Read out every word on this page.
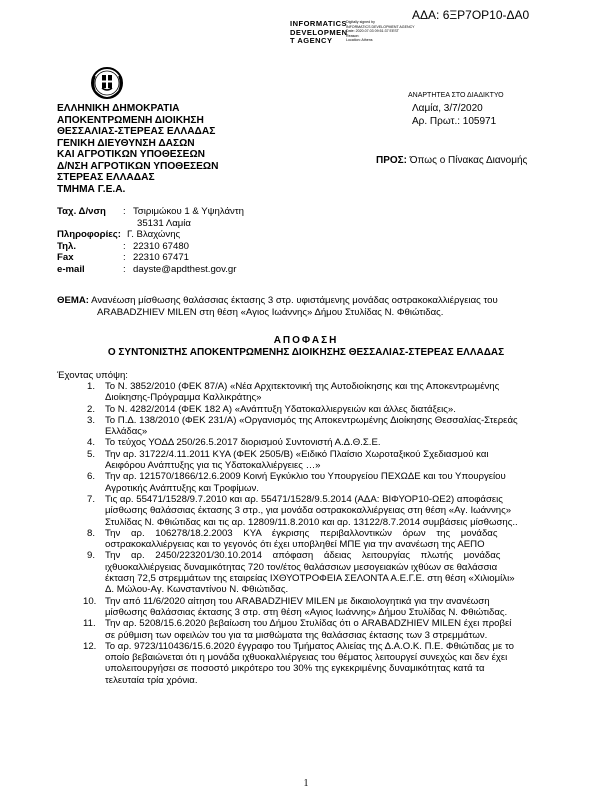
ΑΔΑ: 6ΞΡ7ΟΡ10-ΔΑ0
INFORMATICS
DEVELOPMEN
T AGENCY
Digitally signed by
INFORMATICS DEVELOPMENT AGENCY
Date: 2020.07.03 09:51:37 EEST
Reason:
Location: Athens
ΕΛΛΗΝΙΚΗ ΔΗΜΟΚΡΑΤΙΑ
ΑΠΟΚΕΝΤΡΩΜΕΝΗ ΔΙΟΙΚΗΣΗ
ΘΕΣΣΑΛΙΑΣ-ΣΤΕΡΕΑΣ ΕΛΛΑΔΑΣ
ΓΕΝΙΚΗ ΔΙΕΥΘΥΝΣΗ ΔΑΣΩΝ
ΚΑΙ ΑΓΡΟΤΙΚΩΝ ΥΠΟΘΕΣΕΩΝ
Δ/ΝΣΗ ΑΓΡΟΤΙΚΩΝ ΥΠΟΘΕΣΕΩΝ
ΣΤΕΡΕΑΣ ΕΛΛΑΔΑΣ
ΤΜΗΜΑ Γ.Ε.Α.
ΑΝΑΡΤΗΤΕΑ ΣΤΟ ΔΙΑΔΙΚΤΥΟ
Λαμία, 3/7/2020
Αρ. Πρωτ.: 105971
ΠΡΟΣ: Όπως ο Πίνακας Διανομής
Ταχ. Δ/νση : Τσιριμώκου 1 & Υψηλάντη
35131 Λαμία
Πληροφορίες: Γ. Βλαχώνης
Τηλ.	: 22310 67480
Fax	: 22310 67471
e-mail	: dayste@apdthest.gov.gr
ΘΕΜΑ: Ανανέωση μίσθωσης θαλάσσιας έκτασης 3 στρ. υφιστάμενης μονάδας οστρακοκαλλιέργειας του
ARABADZHIEV MILEN στη θέση «Αγιος Ιωάννης» Δήμου Στυλίδας Ν. Φθιώτιδας.
ΑΠΟΦΑΣΗ
Ο ΣΥΝΤΟΝΙΣΤΗΣ ΑΠΟΚΕΝΤΡΩΜΕΝΗΣ ΔΙΟΙΚΗΣΗΣ ΘΕΣΣΑΛΙΑΣ-ΣΤΕΡΕΑΣ ΕΛΛΑΔΑΣ
Έχοντας υπόψη:
1. Το Ν. 3852/2010 (ΦΕΚ 87/Α) «Νέα Αρχιτεκτονική της Αυτοδιοίκησης και της Αποκεντρωμένης
Διοίκησης-Πρόγραμμα Καλλικράτης»
2. Το Ν. 4282/2014 (ΦΕΚ 182 Α) «Ανάπτυξη Υδατοκαλλιεργειών και άλλες διατάξεις».
3. Το Π.Δ. 138/2010 (ΦΕΚ 231/Α) «Οργανισμός της Αποκεντρωμένης Διοίκησης Θεσσαλίας-Στερεάς
Ελλάδας»
4. Το τεύχος ΥΟΔΔ 250/26.5.2017 διορισμού Συντονιστή Α.Δ.Θ.Σ.Ε.
5. Την αρ. 31722/4.11.2011 ΚΥΑ (ΦΕΚ 2505/Β) «Ειδικό Πλαίσιο Χωροταξικού Σχεδιασμού και
Αειφόρου Ανάπτυξης για τις Υδατοκαλλιέργειες …»
6. Την αρ. 121570/1866/12.6.2009 Κοινή Εγκύκλιο του Υπουργείου ΠΕΧΩΔΕ και του Υπουργείου
Αγροτικής Ανάπτυξης και Τροφίμων.
7. Τις αρ. 55471/1528/9.7.2010 και αρ. 55471/1528/9.5.2014 (ΑΔΑ: ΒΙΦΥΟΡ10-ΩΕ2) αποφάσεις
μίσθωσης θαλάσσιας έκτασης 3 στρ., για μονάδα οστρακοκαλλιέργειας στη θέση «Αγ. Ιωάννης»
Στυλίδας Ν. Φθιώτιδας και τις αρ. 12809/11.8.2010 και αρ. 13122/8.7.2014 συμβάσεις μίσθωσης..
8. Την    αρ.    106278/18.2.2003    ΚΥΑ    έγκρισης    περιβαλλοντικών    όρων    της    μονάδας
οστρακοκαλλιέργειας και το γεγονός ότι έχει υποβληθεί ΜΠΕ για την ανανέωση της ΑΕΠΟ
9. Την    αρ.    2450/223201/30.10.2014    απόφαση    άδειας    λειτουργίας    πλωτής    μονάδας
ιχθυοκαλλιέργειας δυναμικότητας 720 τον/έτος θαλάσσιων μεσογειακών ιχθύων σε θαλάσσια
έκταση 72,5 στρεμμάτων της εταιρείας ΙΧΘΥΟΤΡΟΦΕΙΑ ΣΕΛΟΝΤΑ Α.Ε.Γ.Ε. στη θέση «Χιλιομίλι»
Δ. Μώλου-Αγ. Κωνσταντίνου Ν. Φθιώτιδας.
10. Την από 11/6/2020 αίτηση του ARABADZHIEV MILEN με δικαιολογητικά για την ανανέωση
μίσθωσης θαλάσσιας έκτασης 3 στρ. στη θέση «Αγιος Ιωάννης» Δήμου Στυλίδας Ν. Φθιώτιδας.
11. Την αρ. 5208/15.6.2020 βεβαίωση του Δήμου Στυλίδας ότι ο ARABADZHIEV MILEN έχει προβεί
σε ρύθμιση των οφειλών του για τα μισθώματα της θαλάσσιας έκτασης των 3 στρεμμάτων.
12. Το αρ. 9723/110436/15.6.2020 έγγραφο του Τμήματος Αλιείας της Δ.Α.Ο.Κ. Π.Ε. Φθιώτιδας με το
οποίο βεβαιώνεται ότι η μονάδα ιχθυοκαλλιέργειας του θέματος λειτουργεί συνεχώς και δεν έχει
υπολειτουργήσει σε ποσοστό μικρότερο του 30% της εγκεκριμένης δυναμικότητας κατά τα
τελευταία τρία χρόνια.
1
